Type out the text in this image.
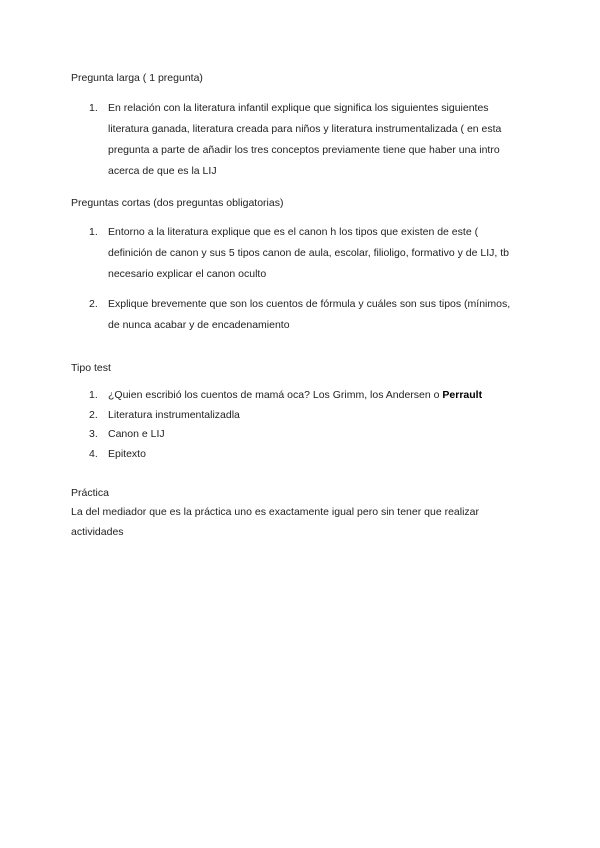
Pregunta larga ( 1 pregunta)
1. En relación con la literatura infantil explique que significa los siguientes siguientes literatura ganada, literatura creada para niños y literatura instrumentalizada ( en esta pregunta a parte de añadir los tres conceptos previamente tiene que haber una intro acerca de que es la LIJ
Preguntas cortas (dos preguntas obligatorias)
1. Entorno a la literatura explique que es el canon h los tipos que existen de este ( definición de canon y sus 5 tipos canon de aula, escolar, filioligo, formativo y de LIJ, tb necesario explicar el canon oculto
2. Explique brevemente que son los cuentos de fórmula y cuáles son sus tipos (mínimos, de nunca acabar y de encadenamiento
Tipo test
1. ¿Quien escribió los cuentos de mamá oca? Los Grimm, los Andersen o Perrault
2. Literatura instrumentalizadla
3. Canon e LIJ
4. Epitexto
Práctica
La del mediador que es la práctica uno es exactamente igual pero sin tener que realizar actividades
